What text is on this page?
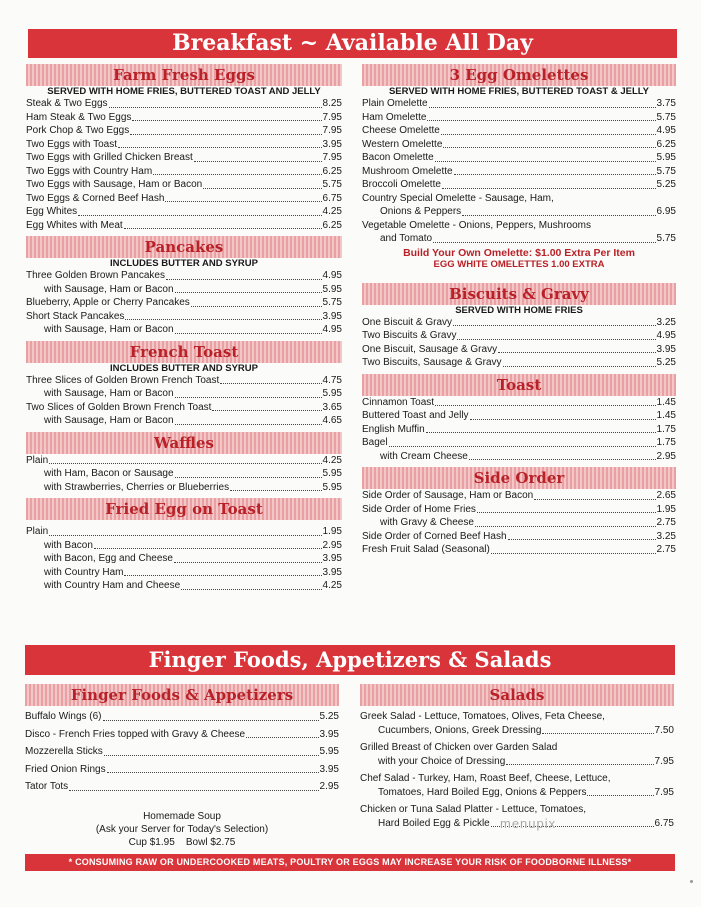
Breakfast ~ Available All Day
Farm Fresh Eggs
SERVED WITH HOME FRIES, BUTTERED TOAST AND JELLY
Steak & Two Eggs	8.25
Ham Steak & Two Eggs	7.95
Pork Chop & Two Eggs	7.95
Two Eggs with Toast	3.95
Two Eggs with Grilled Chicken Breast	7.95
Two Eggs with Country Ham	6.25
Two Eggs with Sausage, Ham or Bacon	5.75
Two Eggs & Corned Beef Hash	6.75
Egg Whites	4.25
Egg Whites with Meat	6.25
Pancakes
INCLUDES BUTTER AND SYRUP
Three Golden Brown Pancakes	4.95
with Sausage, Ham or Bacon	5.95
Blueberry, Apple or Cherry Pancakes	5.75
Short Stack Pancakes	3.95
with Sausage, Ham or Bacon	4.95
French Toast
INCLUDES BUTTER AND SYRUP
Three Slices of Golden Brown French Toast	4.75
with Sausage, Ham or Bacon	5.95
Two Slices of Golden Brown French Toast	3.65
with Sausage, Ham or Bacon	4.65
Waffles
Plain	4.25
with Ham, Bacon or Sausage	5.95
with Strawberries, Cherries or Blueberries	5.95
Fried Egg on Toast
Plain	1.95
with Bacon	2.95
with Bacon, Egg and Cheese	3.95
with Country Ham	3.95
with Country Ham and Cheese	4.25
3 Egg Omelettes
SERVED WITH HOME FRIES, BUTTERED TOAST & JELLY
Plain Omelette	3.75
Ham Omelette	5.75
Cheese Omelette	4.95
Western Omelette	6.25
Bacon Omelette	5.95
Mushroom Omelette	5.75
Broccoli Omelette	5.25
Country Special Omelette - Sausage, Ham,
Onions & Peppers	6.95
Vegetable Omelette - Onions, Peppers, Mushrooms
and Tomato	5.75
Build Your Own Omelette: $1.00 Extra Per Item
EGG WHITE OMELETTES 1.00 EXTRA
Biscuits & Gravy
SERVED WITH HOME FRIES
One Biscuit & Gravy	3.25
Two Biscuits & Gravy	4.95
One Biscuit, Sausage & Gravy	3.95
Two Biscuits, Sausage & Gravy	5.25
Toast
Cinnamon Toast	1.45
Buttered Toast and Jelly	1.45
English Muffin	1.75
Bagel	1.75
with Cream Cheese	2.95
Side Order
Side Order of Sausage, Ham or Bacon	2.65
Side Order of Home Fries	1.95
with Gravy & Cheese	2.75
Side Order of Corned Beef Hash	3.25
Fresh Fruit Salad (Seasonal)	2.75
Finger Foods, Appetizers & Salads
Finger Foods & Appetizers
Buffalo Wings (6)	5.25
Disco - French Fries topped with Gravy & Cheese	3.95
Mozzerella Sticks	5.95
Fried Onion Rings	3.95
Tator Tots	2.95
Homemade Soup
(Ask your Server for Today's Selection)
Cup $1.95    Bowl $2.75
Salads
Greek Salad - Lettuce, Tomatoes, Olives, Feta Cheese,
Cucumbers, Onions, Greek Dressing	7.50
Grilled Breast of Chicken over Garden Salad
with your Choice of Dressing	7.95
Chef Salad - Turkey, Ham, Roast Beef, Cheese, Lettuce,
Tomatoes, Hard Boiled Egg, Onions & Peppers	7.95
Chicken or Tuna Salad Platter - Lettuce, Tomatoes,
Hard Boiled Egg & Pickle	6.75
menupix
* CONSUMING RAW OR UNDERCOOKED MEATS, POULTRY OR EGGS MAY INCREASE YOUR RISK OF FOODBORNE ILLNESS*
